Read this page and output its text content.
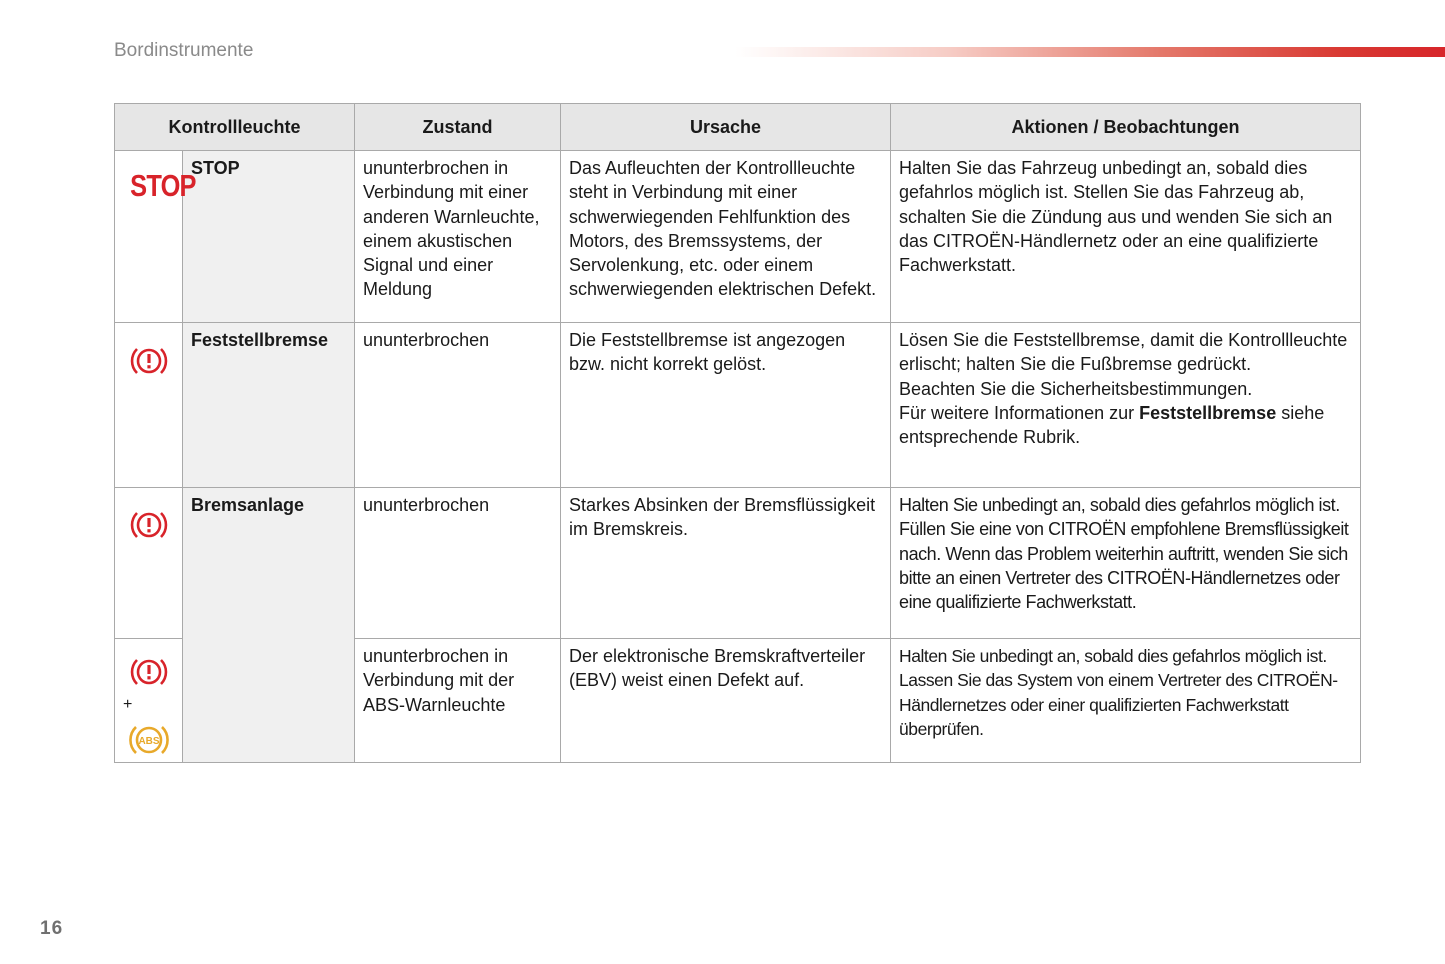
Bordinstrumente
Kontrollleuchte		Zustand	Ursache	Aktionen / Beobachtungen
STOP	STOP	ununterbrochen in Verbindung mit einer anderen Warnleuchte, einem akustischen Signal und einer Meldung	Das Aufleuchten der Kontrollleuchte steht in Verbindung mit einer schwerwiegenden Fehlfunktion des Motors, des Bremssystems, der Servolenkung, etc. oder einem schwerwiegenden elektrischen Defekt.	Halten Sie das Fahrzeug unbedingt an, sobald dies gefahrlos möglich ist. Stellen Sie das Fahrzeug ab, schalten Sie die Zündung aus und wenden Sie sich an das CITROËN-Händlernetz oder an eine qualifizierte Fachwerkstatt.

	Feststellbremse	ununterbrochen	Die Feststellbremse ist angezogen bzw. nicht korrekt gelöst.	Lösen Sie die Feststellbremse, damit die Kontrollleuchte erlischt; halten Sie die Fußbremse gedrückt.
Beachten Sie die Sicherheitsbestimmungen.
Für weitere Informationen zur Feststellbremse siehe entsprechende Rubrik.

	Bremsanlage	ununterbrochen	Starkes Absinken der Bremsflüssigkeit im Bremskreis.	Halten Sie unbedingt an, sobald dies gefahrlos möglich ist. Füllen Sie eine von CITROËN empfohlene Bremsflüssigkeit nach. Wenn das Problem weiterhin auftritt, wenden Sie sich bitte an einen Vertreter des CITROËN-Händlernetzes oder eine qualifizierte Fachwerkstatt.

+
ABS		ununterbrochen in Verbindung mit der ABS-Warnleuchte	Der elektronische Bremskraftverteiler (EBV) weist einen Defekt auf.	Halten Sie unbedingt an, sobald dies gefahrlos möglich ist. Lassen Sie das System von einem Vertreter des CITROËN-Händlernetzes oder einer qualifizierten Fachwerkstatt überprüfen.
16
